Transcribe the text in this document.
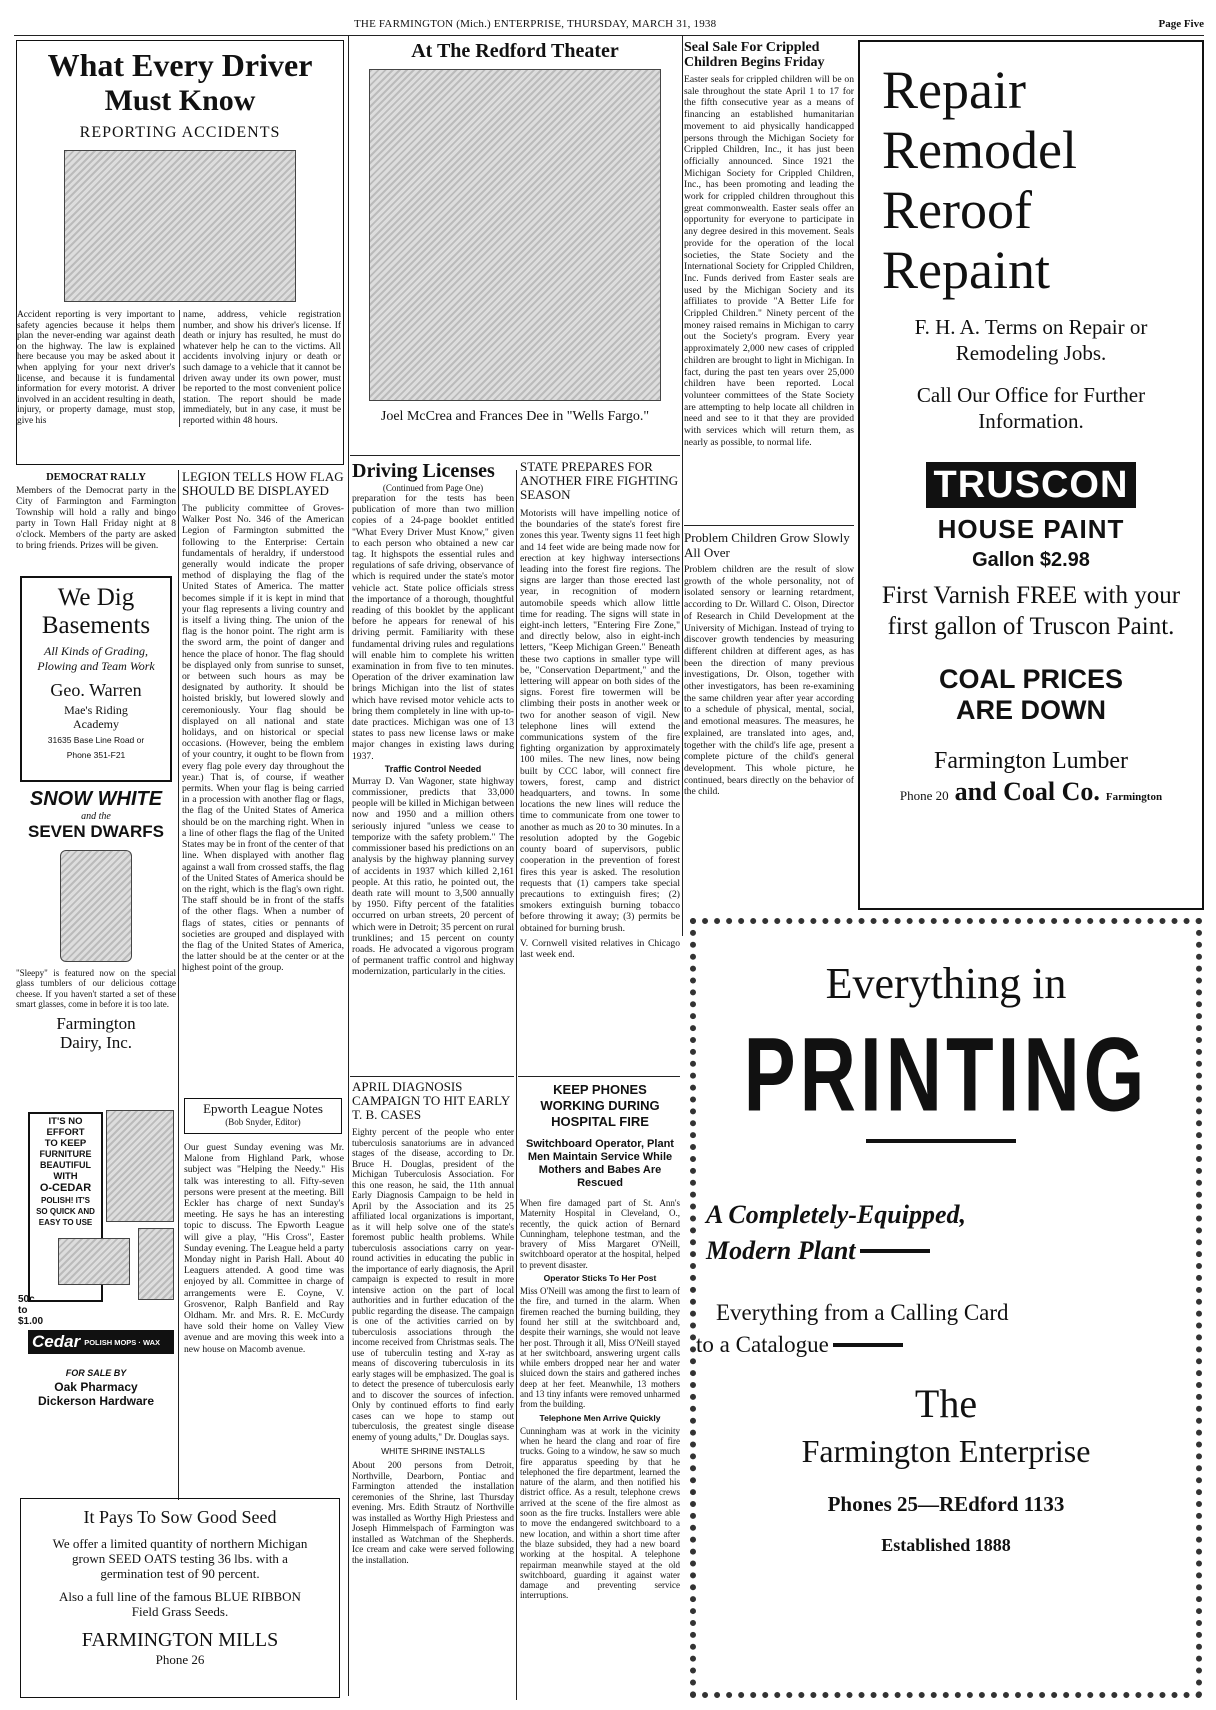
THE FARMINGTON (Mich.) ENTERPRISE, THURSDAY, MARCH 31, 1938	Page Five
What Every Driver
Must Know
REPORTING ACCIDENTS
Accident reporting is very important to safety agencies because it helps them plan the never-ending war against death on the highway. The law is explained here because you may be asked about it when applying for your next driver's license, and because it is fundamental information for every motorist. A driver involved in an accident resulting in death, injury, or property damage, must stop, give his
name, address, vehicle registration number, and show his driver's license. If death or injury has resulted, he must do whatever help he can to the victims. All accidents involving injury or death or such damage to a vehicle that it cannot be driven away under its own power, must be reported to the most convenient police station. The report should be made immediately, but in any case, it must be reported within 48 hours.
At The Redford Theater
Joel McCrea and Frances Dee in "Wells Fargo."
Seal Sale For Crippled Children Begins Friday
Easter seals for crippled children will be on sale throughout the state April 1 to 17 for the fifth consecutive year as a means of financing an established humanitarian movement to aid physically handicapped persons through the Michigan Society for Crippled Children, Inc., it has just been officially announced. Since 1921 the Michigan Society for Crippled Children, Inc., has been promoting and leading the work for crippled children throughout this great commonwealth. Easter seals offer an opportunity for everyone to participate in any degree desired in this movement. Seals provide for the operation of the local societies, the State Society and the International Society for Crippled Children, Inc. Funds derived from Easter seals are used by the Michigan Society and its affiliates to provide "A Better Life for Crippled Children." Ninety percent of the money raised remains in Michigan to carry out the Society's program. Every year approximately 2,000 new cases of crippled children are brought to light in Michigan. In fact, during the past ten years over 25,000 children have been reported. Local volunteer committees of the State Society are attempting to help locate all children in need and see to it that they are provided with services which will return them, as nearly as possible, to normal life.
Problem Children Grow Slowly All Over
Problem children are the result of slow growth of the whole personality, not of isolated sensory or learning retardment, according to Dr. Willard C. Olson, Director of Research in Child Development at the University of Michigan. Instead of trying to discover growth tendencies by measuring different children at different ages, as has been the direction of many previous investigations, Dr. Olson, together with other investigators, has been re-examining the same children year after year according to a schedule of physical, mental, social, and emotional measures. The measures, he explained, are translated into ages, and, together with the child's life age, present a complete picture of the child's general development. This whole picture, he continued, bears directly on the behavior of the child.
Repair
Remodel
Reroof
Repaint
F. H. A. Terms on Repair or Remodeling Jobs.
Call Our Office for Further Information.
TRUSCON
HOUSE PAINT
Gallon $2.98
First Varnish FREE with your first gallon of Truscon Paint.
COAL PRICES ARE DOWN
Farmington Lumber
Phone 20 and Coal Co. Farmington
DEMOCRAT RALLY
Members of the Democrat party in the City of Farmington and Farmington Township will hold a rally and bingo party in Town Hall Friday night at 8 o'clock. Members of the party are asked to bring friends. Prizes will be given.
We Dig
Basements
All Kinds of Grading, Plowing and Team Work
Geo. Warren
Mae's Riding Academy
31635 Base Line Road or
Phone 351-F21
SNOW WHITE
and the
SEVEN DWARFS
"Sleepy" is featured now on the special glass tumblers of our delicious cottage cheese. If you haven't started a set of these smart glasses, come in before it is too late.
Farmington Dairy, Inc.
IT'S NO
EFFORT
TO KEEP
FURNITURE
BEAUTIFUL
WITH
O-CEDAR
POLISH! IT'S
SO QUICK AND
EASY TO USE
50c
to
$1.00
Cedar POLISH MOPS · WAX
FOR SALE BY
Oak Pharmacy
Dickerson Hardware
LEGION TELLS HOW FLAG SHOULD BE DISPLAYED
The publicity committee of Groves-Walker Post No. 346 of the American Legion of Farmington submitted the following to the Enterprise: Certain fundamentals of heraldry, if understood generally would indicate the proper method of displaying the flag of the United States of America. The matter becomes simple if it is kept in mind that your flag represents a living country and is itself a living thing. The union of the flag is the honor point. The right arm is the sword arm, the point of danger and hence the place of honor. The flag should be displayed only from sunrise to sunset, or between such hours as may be designated by authority. It should be hoisted briskly, but lowered slowly and ceremoniously. Your flag should be displayed on all national and state holidays, and on historical or special occasions. (However, being the emblem of your country, it ought to be flown from every flag pole every day throughout the year.) That is, of course, if weather permits. When your flag is being carried in a procession with another flag or flags, the flag of the United States of America should be on the marching right. When in a line of other flags the flag of the United States may be in front of the center of that line. When displayed with another flag against a wall from crossed staffs, the flag of the United States of America should be on the right, which is the flag's own right. The staff should be in front of the staffs of the other flags. When a number of flags of states, cities or pennants of societies are grouped and displayed with the flag of the United States of America, the latter should be at the center or at the highest point of the group.
Epworth League Notes
(Bob Snyder, Editor)
Our guest Sunday evening was Mr. Malone from Highland Park, whose subject was "Helping the Needy." His talk was interesting to all. Fifty-seven persons were present at the meeting. Bill Eckler has charge of next Sunday's meeting. He says he has an interesting topic to discuss. The Epworth League will give a play, "His Cross", Easter Sunday evening. The League held a party Monday night in Parish Hall. About 40 Leaguers attended. A good time was enjoyed by all. Committee in charge of arrangements were E. Coyne, V. Grosvenor, Ralph Banfield and Ray Oldham. Mr. and Mrs. R. E. McCurdy have sold their home on Valley View avenue and are moving this week into a new house on Macomb avenue.
It Pays To Sow Good Seed
We offer a limited quantity of northern Michigan grown SEED OATS testing 36 lbs. with a germination test of 90 percent.
Also a full line of the famous BLUE RIBBON Field Grass Seeds.
FARMINGTON MILLS
Phone 26
Driving Licenses
(Continued from Page One)
preparation for the tests has been publication of more than two million copies of a 24-page booklet entitled "What Every Driver Must Know," given to each person who obtained a new car tag. It highspots the essential rules and regulations of safe driving, observance of which is required under the state's motor vehicle act. State police officials stress the importance of a thorough, thoughtful reading of this booklet by the applicant before he appears for renewal of his driving permit. Familiarity with these fundamental driving rules and regulations will enable him to complete his written examination in from five to ten minutes. Operation of the driver examination law brings Michigan into the list of states which have revised motor vehicle acts to bring them completely in line with up-to-date practices. Michigan was one of 13 states to pass new license laws or make major changes in existing laws during 1937.
Traffic Control Needed
Murray D. Van Wagoner, state highway commissioner, predicts that 33,000 people will be killed in Michigan between now and 1950 and a million others seriously injured "unless we cease to temporize with the safety problem." The commissioner based his predictions on an analysis by the highway planning survey of accidents in 1937 which killed 2,161 people. At this ratio, he pointed out, the death rate will mount to 3,500 annually by 1950. Fifty percent of the fatalities occurred on urban streets, 20 percent of which were in Detroit; 35 percent on rural trunklines; and 15 percent on county roads. He advocated a vigorous program of permanent traffic control and highway modernization, particularly in the cities.
STATE PREPARES FOR ANOTHER FIRE FIGHTING SEASON
Motorists will have impelling notice of the boundaries of the state's forest fire zones this year. Twenty signs 11 feet high and 14 feet wide are being made now for erection at key highway intersections leading into the forest fire regions. The signs are larger than those erected last year, in recognition of modern automobile speeds which allow little time for reading. The signs will state in eight-inch letters, "Entering Fire Zone," and directly below, also in eight-inch letters, "Keep Michigan Green." Beneath these two captions in smaller type will be, "Conservation Department," and the lettering will appear on both sides of the signs. Forest fire towermen will be climbing their posts in another week or two for another season of vigil. New telephone lines will extend the communications system of the fire fighting organization by approximately 100 miles. The new lines, now being built by CCC labor, will connect fire towers, forest, camp and district headquarters, and towns. In some locations the new lines will reduce the time to communicate from one tower to another as much as 20 to 30 minutes. In a resolution adopted by the Gogebic county board of supervisors, public cooperation in the prevention of forest fires this year is asked. The resolution requests that (1) campers take special precautions to extinguish fires; (2) smokers extinguish burning tobacco before throwing it away; (3) permits be obtained for burning brush.
V. Cornwell visited relatives in Chicago last week end.
APRIL DIAGNOSIS CAMPAIGN TO HIT EARLY T. B. CASES
Eighty percent of the people who enter tuberculosis sanatoriums are in advanced stages of the disease, according to Dr. Bruce H. Douglas, president of the Michigan Tuberculosis Association. For this one reason, he said, the 11th annual Early Diagnosis Campaign to be held in April by the Association and its 25 affiliated local organizations is important, as it will help solve one of the state's foremost public health problems. While tuberculosis associations carry on year-round activities in educating the public in the importance of early diagnosis, the April campaign is expected to result in more intensive action on the part of local authorities and in further education of the public regarding the disease. The campaign is one of the activities carried on by tuberculosis associations through the income received from Christmas seals. The use of tuberculin testing and X-ray as means of discovering tuberculosis in its early stages will be emphasized. The goal is to detect the presence of tuberculosis early and to discover the sources of infection. Only by continued efforts to find early cases can we hope to stamp out tuberculosis, the greatest single disease enemy of young adults," Dr. Douglas says.
WHITE SHRINE INSTALLS
About 200 persons from Detroit, Northville, Dearborn, Pontiac and Farmington attended the installation ceremonies of the Shrine, last Thursday evening. Mrs. Edith Strautz of Northville was installed as Worthy High Priestess and Joseph Himmelspach of Farmington was installed as Watchman of the Shepherds. Ice cream and cake were served following the installation.
KEEP PHONES WORKING DURING HOSPITAL FIRE
Switchboard Operator, Plant Men Maintain Service While Mothers and Babes Are Rescued
When fire damaged part of St. Ann's Maternity Hospital in Cleveland, O., recently, the quick action of Bernard Cunningham, telephone testman, and the bravery of Miss Margaret O'Neill, switchboard operator at the hospital, helped to prevent disaster.
Operator Sticks To Her Post
Miss O'Neill was among the first to learn of the fire, and turned in the alarm. When firemen reached the burning building, they found her still at the switchboard and, despite their warnings, she would not leave her post. Through it all, Miss O'Neill stayed at her switchboard, answering urgent calls while embers dropped near her and water sluiced down the stairs and gathered inches deep at her feet. Meanwhile, 13 mothers and 13 tiny infants were removed unharmed from the building.
Telephone Men Arrive Quickly
Cunningham was at work in the vicinity when he heard the clang and roar of fire trucks. Going to a window, he saw so much fire apparatus speeding by that he telephoned the fire department, learned the nature of the alarm, and then notified his district office. As a result, telephone crews arrived at the scene of the fire almost as soon as the fire trucks. Installers were able to move the endangered switchboard to a new location, and within a short time after the blaze subsided, they had a new board working at the hospital. A telephone repairman meanwhile stayed at the old switchboard, guarding it against water damage and preventing service interruptions.
Everything in
PRINTING
A Completely-Equipped,
Modern Plant
Everything from a Calling Card
to a Catalogue
The
Farmington Enterprise
Phones 25—REdford 1133
Established 1888
